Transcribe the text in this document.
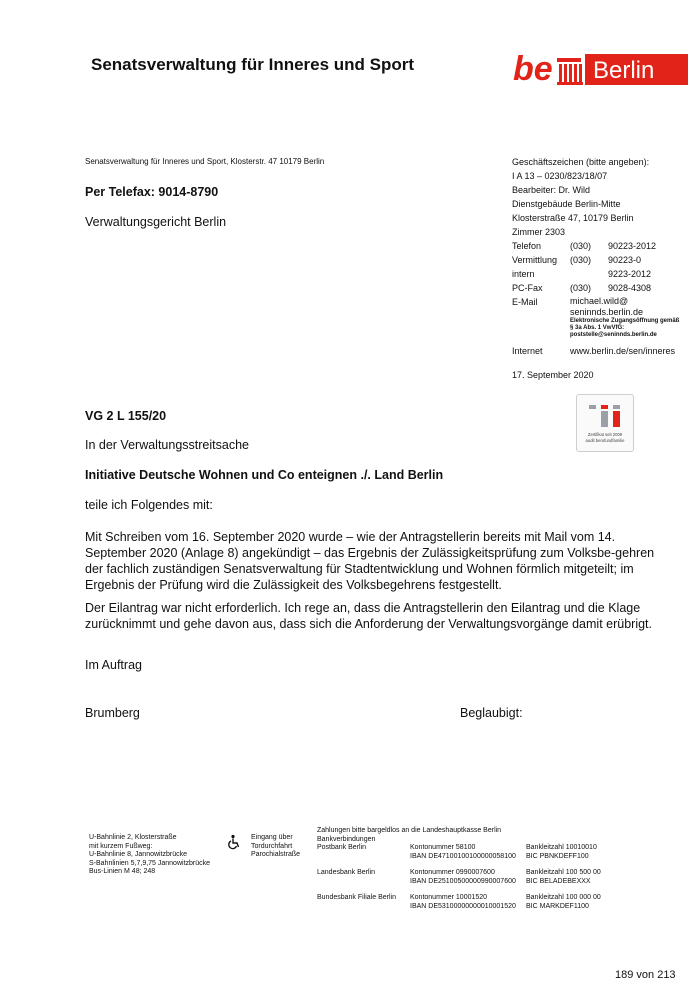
Senatsverwaltung für Inneres und Sport	be Berlin
Senatsverwaltung für Inneres und Sport, Klosterstr. 47 10179 Berlin
Per Telefax: 9014-8790
Verwaltungsgericht Berlin
Geschäftszeichen (bitte angeben):
I A 13 – 0230/823/18/07
Bearbeiter: Dr. Wild
Dienstgebäude Berlin-Mitte
Klosterstraße 47, 10179 Berlin
Zimmer 2303
Telefon	(030)	90223-2012
Vermittlung	(030)	90223-0
intern	9223-2012
PC-Fax	(030)	9028-4308
E-Mail	michael.wild@
seninnds.berlin.de
Elektronische Zugangsöffnung gemäß
§ 3a Abs. 1 VwVfG:
poststelle@seninnds.berlin.de
Internet	www.berlin.de/sen/inneres
17. September 2020
Zertifikat seit 2009
audit berufundfamilie
VG 2 L 155/20
In der Verwaltungsstreitsache
Initiative Deutsche Wohnen und Co enteignen ./. Land Berlin
teile ich Folgendes mit:
Mit Schreiben vom 16. September 2020 wurde – wie der Antragstellerin bereits mit Mail vom 14. September 2020 (Anlage 8) angekündigt – das Ergebnis der Zulässigkeitsprüfung zum Volksbe-gehren der fachlich zuständigen Senatsverwaltung für Stadtentwicklung und Wohnen förmlich mitgeteilt; im Ergebnis der Prüfung wird die Zulässigkeit des Volksbegehrens festgestellt.
Der Eilantrag war nicht erforderlich. Ich rege an, dass die Antragstellerin den Eilantrag und die Klage zurücknimmt und gehe davon aus, dass sich die Anforderung der Verwaltungsvorgänge damit erübrigt.
Im Auftrag
Brumberg	Beglaubigt:
U-Bahnlinie 2, Klosterstraße
mit kurzem Fußweg:
U-Bahnlinie 8, Jannowitzbrücke
S-Bahnlinien 5,7,9,75 Jannowitzbrücke
Bus-Linien M 48; 248
Eingang über
Tordurchfahrt
Parochialstraße
Zahlungen bitte bargeldlos an die Landeshauptkasse Berlin
Bankverbindungen
Postbank Berlin	Kontonummer 58100
IBAN DE47100100100000058100
Bankleitzahl 10010010
BIC PBNKDEFF100
Landesbank Berlin	Kontonummer 0990007600
IBAN DE25100500000990007600
Bankleitzahl 100 500 00
BIC BELADEBEXXX
Bundesbank Filiale Berlin	Kontonummer 10001520
IBAN DE53100000000010001520
Bankleitzahl 100 000 00
BIC MARKDEF1100
189 von 213
